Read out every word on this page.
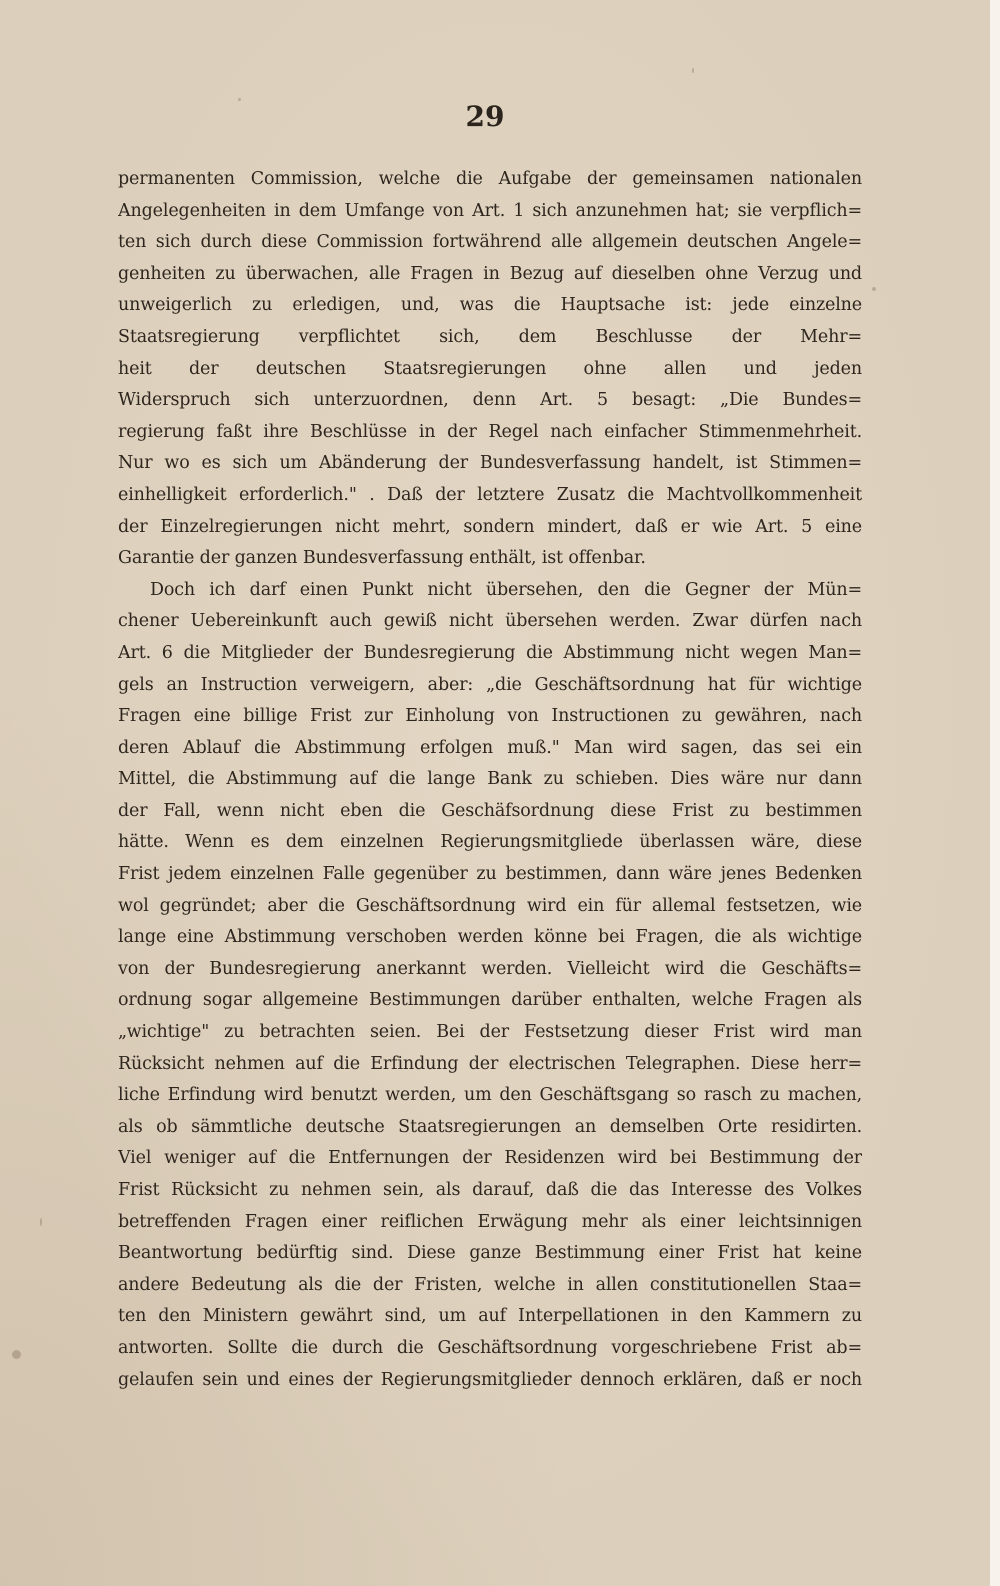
29
permanenten Commission, welche die Aufgabe der gemeinsamen nationalen
Angelegenheiten in dem Umfange von Art. 1 sich anzunehmen hat; sie verpflich=
ten sich durch diese Commission fortwährend alle allgemein deutschen Angele=
genheiten zu überwachen, alle Fragen in Bezug auf dieselben ohne Verzug und
unweigerlich zu erledigen, und, was die Hauptsache ist: jede einzelne
Staatsregierung verpflichtet sich, dem Beschlusse der Mehr=
heit der deutschen Staatsregierungen ohne allen und jeden
Widerspruch sich unterzuordnen, denn Art. 5 besagt: „Die Bundes=
regierung faßt ihre Beschlüsse in der Regel nach einfacher Stimmenmehrheit.
Nur wo es sich um Abänderung der Bundesverfassung handelt, ist Stimmen=
einhelligkeit erforderlich." . Daß der letztere Zusatz die Machtvollkommenheit
der Einzelregierungen nicht mehrt, sondern mindert, daß er wie Art. 5 eine
Garantie der ganzen Bundesverfassung enthält, ist offenbar.
Doch ich darf einen Punkt nicht übersehen, den die Gegner der Mün=
chener Uebereinkunft auch gewiß nicht übersehen werden. Zwar dürfen nach
Art. 6 die Mitglieder der Bundesregierung die Abstimmung nicht wegen Man=
gels an Instruction verweigern, aber: „die Geschäftsordnung hat für wichtige
Fragen eine billige Frist zur Einholung von Instructionen zu gewähren, nach
deren Ablauf die Abstimmung erfolgen muß." Man wird sagen, das sei ein
Mittel, die Abstimmung auf die lange Bank zu schieben. Dies wäre nur dann
der Fall, wenn nicht eben die Geschäfsordnung diese Frist zu bestimmen
hätte. Wenn es dem einzelnen Regierungsmitgliede überlassen wäre, diese
Frist jedem einzelnen Falle gegenüber zu bestimmen, dann wäre jenes Bedenken
wol gegründet; aber die Geschäftsordnung wird ein für allemal festsetzen, wie
lange eine Abstimmung verschoben werden könne bei Fragen, die als wichtige
von der Bundesregierung anerkannt werden. Vielleicht wird die Geschäfts=
ordnung sogar allgemeine Bestimmungen darüber enthalten, welche Fragen als
„wichtige" zu betrachten seien. Bei der Festsetzung dieser Frist wird man
Rücksicht nehmen auf die Erfindung der electrischen Telegraphen. Diese herr=
liche Erfindung wird benutzt werden, um den Geschäftsgang so rasch zu machen,
als ob sämmtliche deutsche Staatsregierungen an demselben Orte residirten.
Viel weniger auf die Entfernungen der Residenzen wird bei Bestimmung der
Frist Rücksicht zu nehmen sein, als darauf, daß die das Interesse des Volkes
betreffenden Fragen einer reiflichen Erwägung mehr als einer leichtsinnigen
Beantwortung bedürftig sind. Diese ganze Bestimmung einer Frist hat keine
andere Bedeutung als die der Fristen, welche in allen constitutionellen Staa=
ten den Ministern gewährt sind, um auf Interpellationen in den Kammern zu
antworten. Sollte die durch die Geschäftsordnung vorgeschriebene Frist ab=
gelaufen sein und eines der Regierungsmitglieder dennoch erklären, daß er noch
